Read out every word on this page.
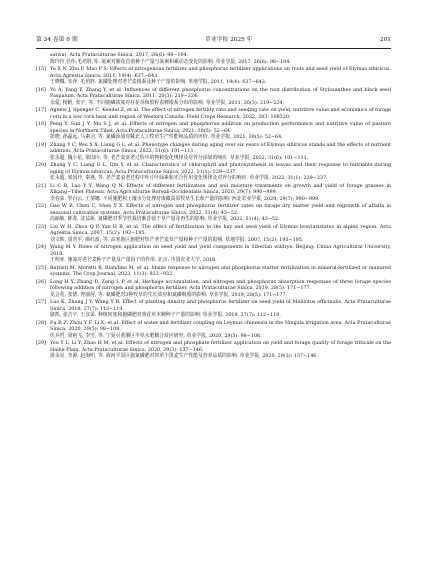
第 34 卷第 6 期	草业学报 2025 年	201
sativa). Acta Prataculturae Sinica, 2017, 26(6): 98−104.
陈玲玲,任伟,毛培胜,等. 氮素对紫花苜蓿种子产量与氮素积累动态变化的影响. 草业学报, 2017, 26(6): 98−104.
[15] Yu X N, Zhu P, Mao P S. Effects of nitrogenous fertilizer and phosphorus fertilizer applications on roots and seed yield of Elymus sibiricus. Acta Agrestia Sinica, 2011, 19(4): 637−643.
于晓娜, 朱萍, 毛培胜. 氮磷处理对老芒麦根系及种子产量的影响. 草地学报, 2011, 19(4): 637−643.
[16] Yu A, Yang F, Zhang Y, et al. Influences of different phosphorus concentrations on the root distribution of Stylosanthes and black seed Paspalum. Acta Prataculturae Sinica, 2011, 20(3): 219−224.
余爱, 杨帆, 张宇, 等. 不同施磷浓度对柱花草和黑籽雀稗根系分布的影响. 草业学报, 2011, 20(3): 219−224.
[17] Agnew J, Spenger C, Kendel Z, et al. The effect of nitrogen fertility rate and seeding rate on yield, nutritive value and economics of forage corn in a low corn heat unit region of Western Canada. Field Crops Research, 2022, 283: 108520.
[18] Peng Y, Sun J Y, Ma S J, et al. Effects of nitrogen and phosphorus addition on production performance and nutritive value of pasture species in Northern Tibet. Acta Prataculturae Sinica, 2021, 30(5): 52−64.
彭晓, 孙磊远, 马素洁, 等. 氮磷添加对藏北人工牧草生产性能和品质的评价. 草业学报, 2021, 30(5): 52−64.
[19] Zhang Y C, Wei X X, Liang G L, et al. Phenotype changes during aging over six years of Elymus sibiricus stands and the effects of nutrient addition. Acta Prataculturae Sinica, 2022, 31(6): 101−111.
张永超, 魏小星, 梁国玲, 等. 老芒麦衰老过程中的物候变化规律及对养分添加的响应. 草业学报, 2022, 31(6): 101−111.
[20] Zhang Y C, Liang G L, Qin Y, et al. Characteristics of chlorophyll and photosynthesis in leaves and their response to nutrients during aging of Elymus sibiricus. Acta Prataculturae Sinica, 2022, 31(1): 229−237.
张永超, 梁国玲, 秦燕, 等. 老芒麦衰老过程中叶片叶绿素和光合作用变化规律及对养分的响应. 草业学报, 2022, 31(1): 229−237.
[21] Li C R, Luo Y Y, Wang Q N. Effects of different fertilization and soil moisture treatments on growth and yield of forage grasses in Xikang−Tibet Plateau. Acta Agriculturae Boreali-Occidentalis Sinica, 2020, 29(7): 990−999.
李春荣, 罗百云, 王倩娜. 不同施肥和土壤水分处理对康藏高原牧草生长和产量的影响. 西北农业学报, 2020, 29(7): 990−999.
[22] Gao W B, Chen C, Shen Y X. Effects of nitrogen and phosphorus fertilizer rates on forage dry matter yield and regrowth of alfalfa in seasonal cultivation systems. Acta Prataculturae Sinica, 2022, 31(4): 43−52.
高丽敏, 陈春, 沈益新. 氮磷肥对季节性栽培紫苜蓿干草产量及再生的影响. 草业学报, 2022, 31(4): 43−52.
[23] Liu W H, Zhou Q P, Yan H B, et al. The effect of fertilization to the hay and seed yield of Elymus breviaristatus in alpine region. Acta Agrestia Sinica, 2007, 15(2): 193−195.
刘文辉, 周青平, 颜红波, 等. 高寒地区施肥对短芒老芒麦草产量和种子产量的影响. 草地学报, 2007, 15(2): 193−195.
[24] Wang M Y. Roles of nitrogen application on seed yield and yield components in Siberian wildrye. Beijing: China Agricultural University, 2018.
王明亚. 施氮对老芒麦种子产量及产量因子的作用. 北京: 中国农业大学, 2018.
[25] Battisti M, Moretti B, Blandino M, et al. Maize response to nitrogen and phosphorus starter fertilization in mineral-fertilized or manured systems. The Crop Journal, 2023, 11(3): 922−932.
[26] Long H Y, Zhang D, Zeng L P, et al. Herbage accumulation, and nitrogen and phosphorus absorption responses of three forage species following addition of nitrogen and phosphorus fertilizer. Acta Prataculturae Sinica, 2019, 28(5): 171−177.
龙会英, 张德, 曾丽萍, 等. 氮磷肥对3种牧草的生长效应和氮磷吸收的影响. 草业学报, 2019, 28(5): 171−177.
[27] Luo K, Zhang J Y, Wang Y R. Effect of planting density and phosphorus fertilizer on seed yield of Melilotus officinalis. Acta Prataculturae Sinica, 2018, 27(7): 112−119.
骆凯, 张吉宇, 王彦荣. 种植密度和施磷肥对黄花草木樨种子产量的影响. 草业学报, 2018, 27(7): 112−119.
[28] Fu B Z, Zhou Y F, Li X, et al. Effect of water and fertilizer coupling on Leymus chinensis in the Ningxia irrigation area. Acta Prataculturae Sinica, 2020, 29(5): 98−108.
伏兵哲, 周艳飞, 李雪, 等. 宁夏引黄灌区羊草水肥耦合效应研究. 草业学报, 2020, 29(5): 98−108.
[29] You Y L, Li Y, Zhao H M, et al. Effects of nitrogen and phosphate fertilizer application on yield and forage quality of forage triticale on the Haihe Plain. Acta Prataculturae Sinica, 2020, 29(3): 137−146.
游永亮, 李源, 赵海明, 等. 海河平原区施氮磷肥对饲草小黑麦生产性能及营养品质的影响. 草业学报, 2020, 29(3): 137−146.
